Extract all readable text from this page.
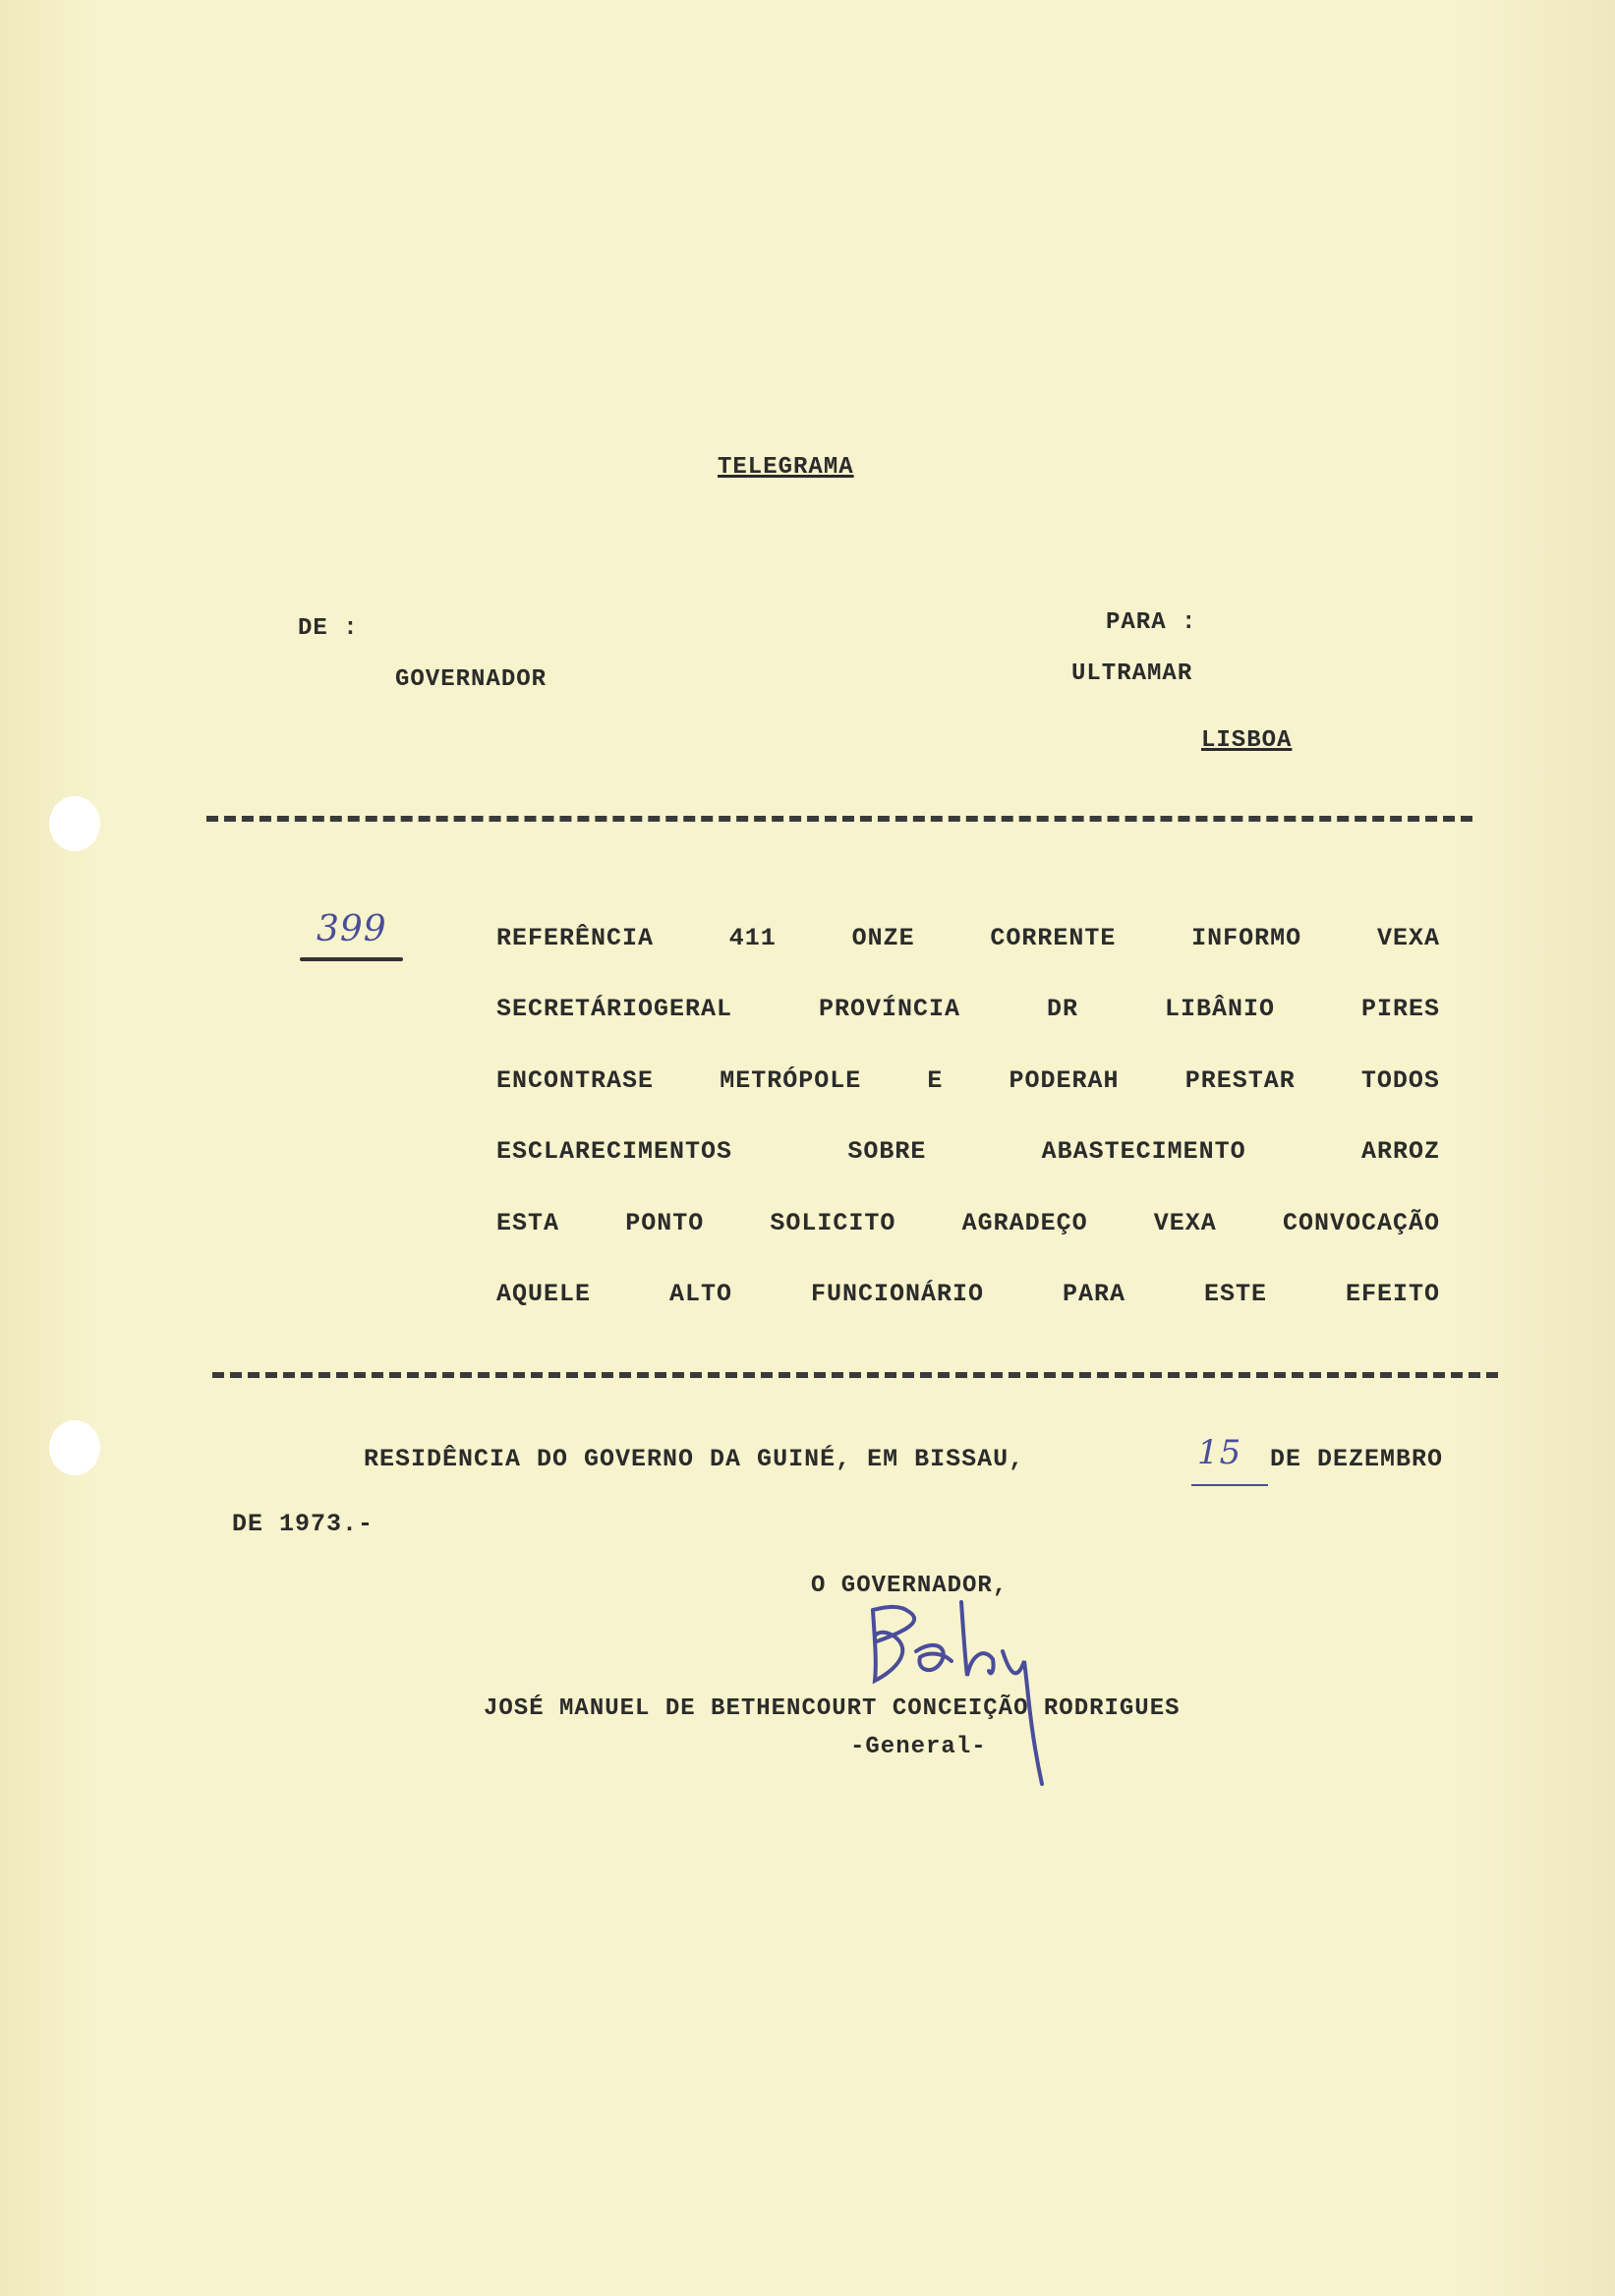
TELEGRAMA
DE :
GOVERNADOR
PARA :
ULTRAMAR
LISBOA
399	REFERÊNCIA	411	ONZE	CORRENTE	INFORMO	VEXA
SECRETÁRIOGERAL	PROVÍNCIA	DR	LIBÂNIO	PIRES
ENCONTRASE	METRÓPOLE	E	PODERAH	PRESTAR	TODOS
ESCLARECIMENTOS	SOBRE	ABASTECIMENTO	ARROZ
ESTA	PONTO	SOLICITO	AGRADEÇO	VEXA	CONVOCAÇÃO
AQUELE	ALTO	FUNCIONÁRIO	PARA	ESTE	EFEITO
RESIDÊNCIA DO GOVERNO DA GUINÉ, EM BISSAU,	15 DE DEZEMBRO
DE 1973.-
O GOVERNADOR,
JOSÉ MANUEL DE BETHENCOURT CONCEIÇÃO RODRIGUES
-General-
